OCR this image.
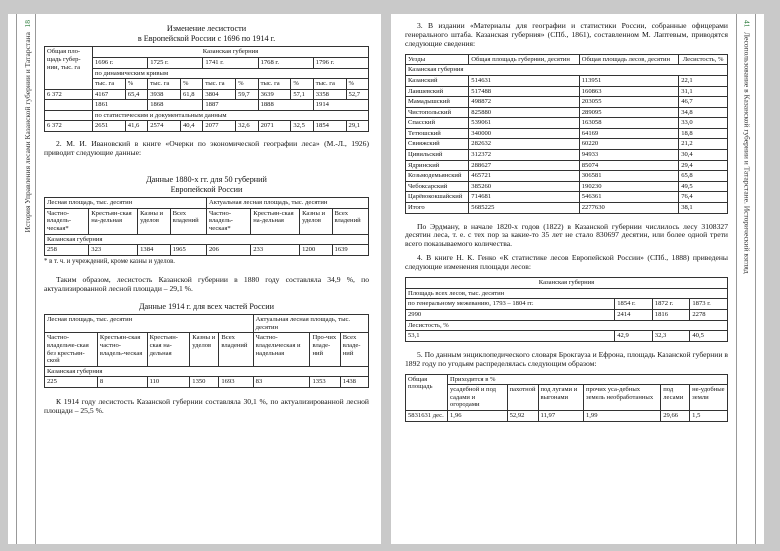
18
История Управления лесами Казанской губернии и Татарстана
Изменение лесистости
в Европейской России с 1696 по 1914 г.
Общая пло-щадь губер-нии, тыс. га	Казанская губерния									
	1696 г.		1725 г.		1741 г.		1768 г.		1796 г.	
	по динамическим кривым									
	тыс. га	%	тыс. га	%	тыс. га	%	тыс. га	%	тыс. га	%
6 372	4167	65,4	3938	61,8	3804	59,7	3639	57,1	3358	52,7
	1861		1868		1887		1888		1914	
	по статистическим и документальным данным									
6 372	2651	41,6	2574	40,4	2077	32,6	2071	32,5	1854	29,1

2. М. И. Ивановский в книге «Очерки по экономической географии леса» (М.-Л., 1926) приводит следующие данные:

Данные 1880-х гг. для 50 губерний
Европейской России
Лесная площадь, тыс. десятин				Актуальная лесная площадь, тыс. десятин			
Частно-владель-ческая*	Крестьян-ская на-дельная	Казны и уделов	Всех владений	Частно-владель-ческая*	Крестьян-ская на-дельная	Казны и уделов	Всех владений
Казанская губерния							
258	323	1384	1965	206	233	1200	1639
* в т. ч. и учреждений, кроме казны и уделов.

Таким образом, лесистость Казанской губернии в 1880 году составляла 34,9 %, по актуализированной лесной площади – 29,1 %.

Данные 1914 г. для всех частей России
Лесная площадь, тыс. десятин					Актуальная лесная площадь, тыс. десятин		
Частно-владельче-ская без крестьян-ской	Крестьян-ская частно-владель-ческая	Крестьян-ская на-дельная	Казны и уделов	Всех владений	Частно-владельческая и надельная	Про-чих владе-ний	Всех владе-ний
Казанская губерния							
225	8	110	1350	1693	83	1353	1438

К 1914 году лесистость Казанской губернии составляла 30,1 %, по актуализированной лесной площади – 25,5 %.

41
Лесопользование в Казанской губернии и Татарстане. Исторический взгляд

3. В издании «Материалы для географии и статистики России, собранные офицерами генерального штаба. Казанская губерния» (СПб., 1861), составленном М. Лаптевым, приводятся следующие сведения:

Уезды	Общая площадь губернии, десятин	Общая площадь лесов, десятин	Лесистость, %
Казанская губерния			
Казанский	514631	113951	22,1
Лаишевский	517488	160863	31,1
Мамадышский	498872	203055	46,7
Чистопольский	825880	289095	34,8
Спасский	539061	163058	33,0
Тетюшский	340000	64169	18,8
Свияжский	282632	60220	21,2
Цивильский	312372	94933	30,4
Ядринский	288627	85074	29,4
Козьмодемьянский	465721	306581	65,8
Чебоксарский	385260	190230	49,5
Царёвококшайский	714681	546361	76,4
Итого	5685225	2277630	38,1

По Эрдману, в начале 1820-х годов (1822) в Казанской губернии числилось лесу 3108327 десятин леса, т. е. с тех пор за какие-то 35 лет не стало 830697 десятин, или более одной трети всего показываемого количества.

4. В книге Н. К. Генко «К статистике лесов Европейской России» (СПб., 1888) приведены следующие изменения площади лесов:

Казанская губерния			
Площадь всех лесов, тыс. десятин			
по генеральному межеванию, 1793 – 1804 гг.	1854 г.	1872 г.	1873 г.
2990	2414	1816	2278
Лесистость, %			
53,1	42,9	32,3	40,5

5. По данным энциклопедического словаря Брокгауза и Ефрона, площадь Казанской губернии в 1892 году по угодьям распределялась следующим образом:

Общая площадь	Приходится в %					
	усадебной и под садами и огородами	пахотной	под лугами и выгонами	прочих уса-дебных земель необработанных	под лесами	не-удобные земли
5831631 дес.	1,96	52,92	11,97	1,99	29,66	1,5
